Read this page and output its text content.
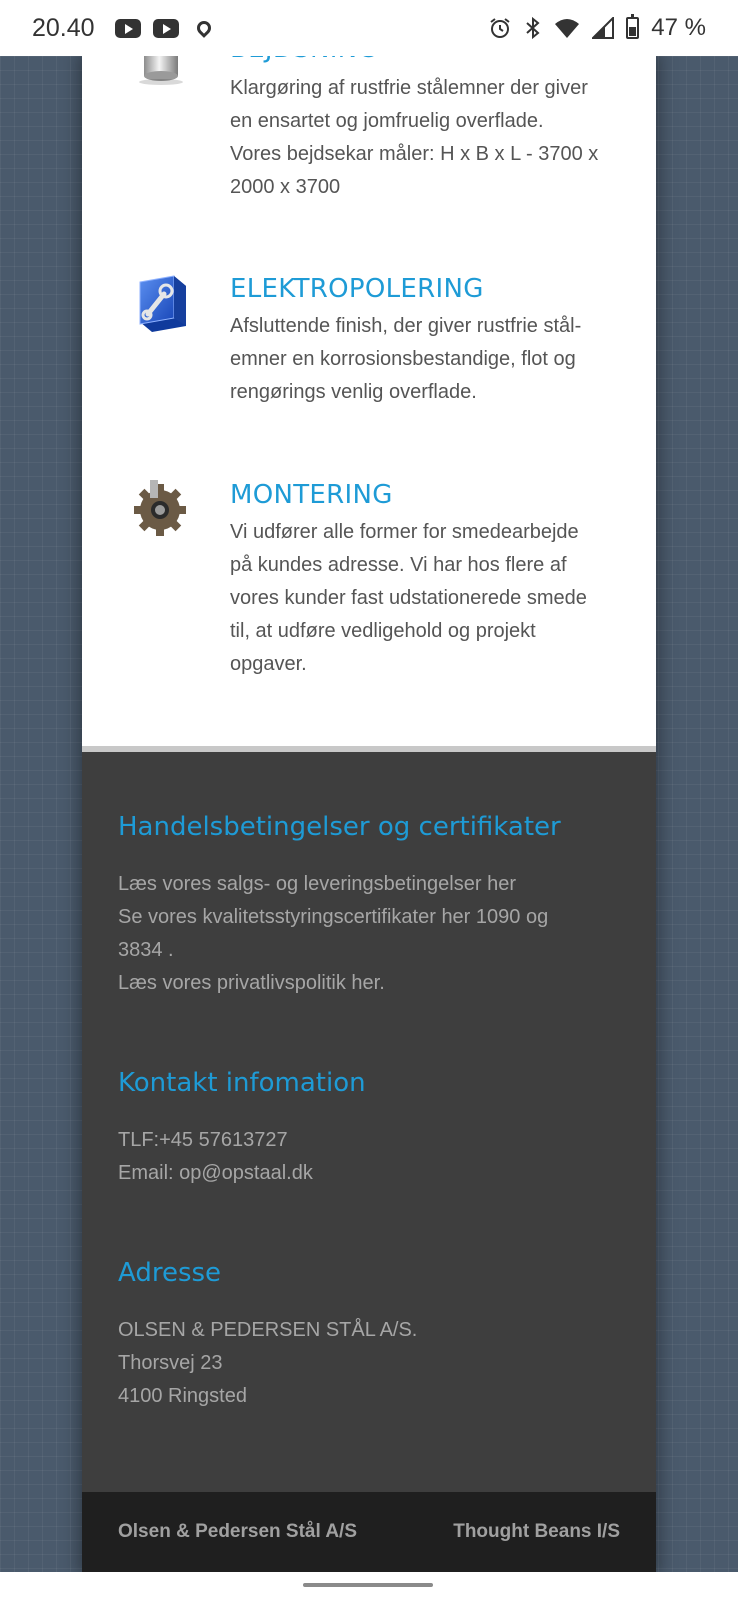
20.40	47 %
Klargøring af rustfrie stålemner der giver
en ensartet og jomfruelig overflade.
Vores bejdsekar måler: H x B x L - 3700 x
2000 x 3700
ELEKTROPOLERING
Afsluttende finish, der giver rustfrie stål-
emner en korrosionsbestandige, flot og
rengørings venlig overflade.
MONTERING
Vi udfører alle former for smedearbejde
på kundes adresse. Vi har hos flere af
vores kunder fast udstationerede smede
til, at udføre vedligehold og projekt
opgaver.
Handelsbetingelser og certifikater
Læs vores salgs- og leveringsbetingelser her
Se vores kvalitetsstyringscertifikater her 1090 og
3834 .
Læs vores privatlivspolitik her.
Kontakt infomation
TLF:+45 57613727
Email: op@opstaal.dk
Adresse
OLSEN & PEDERSEN STÅL A/S.
Thorsvej 23
4100 Ringsted
Olsen & Pedersen Stål A/S	Thought Beans I/S
